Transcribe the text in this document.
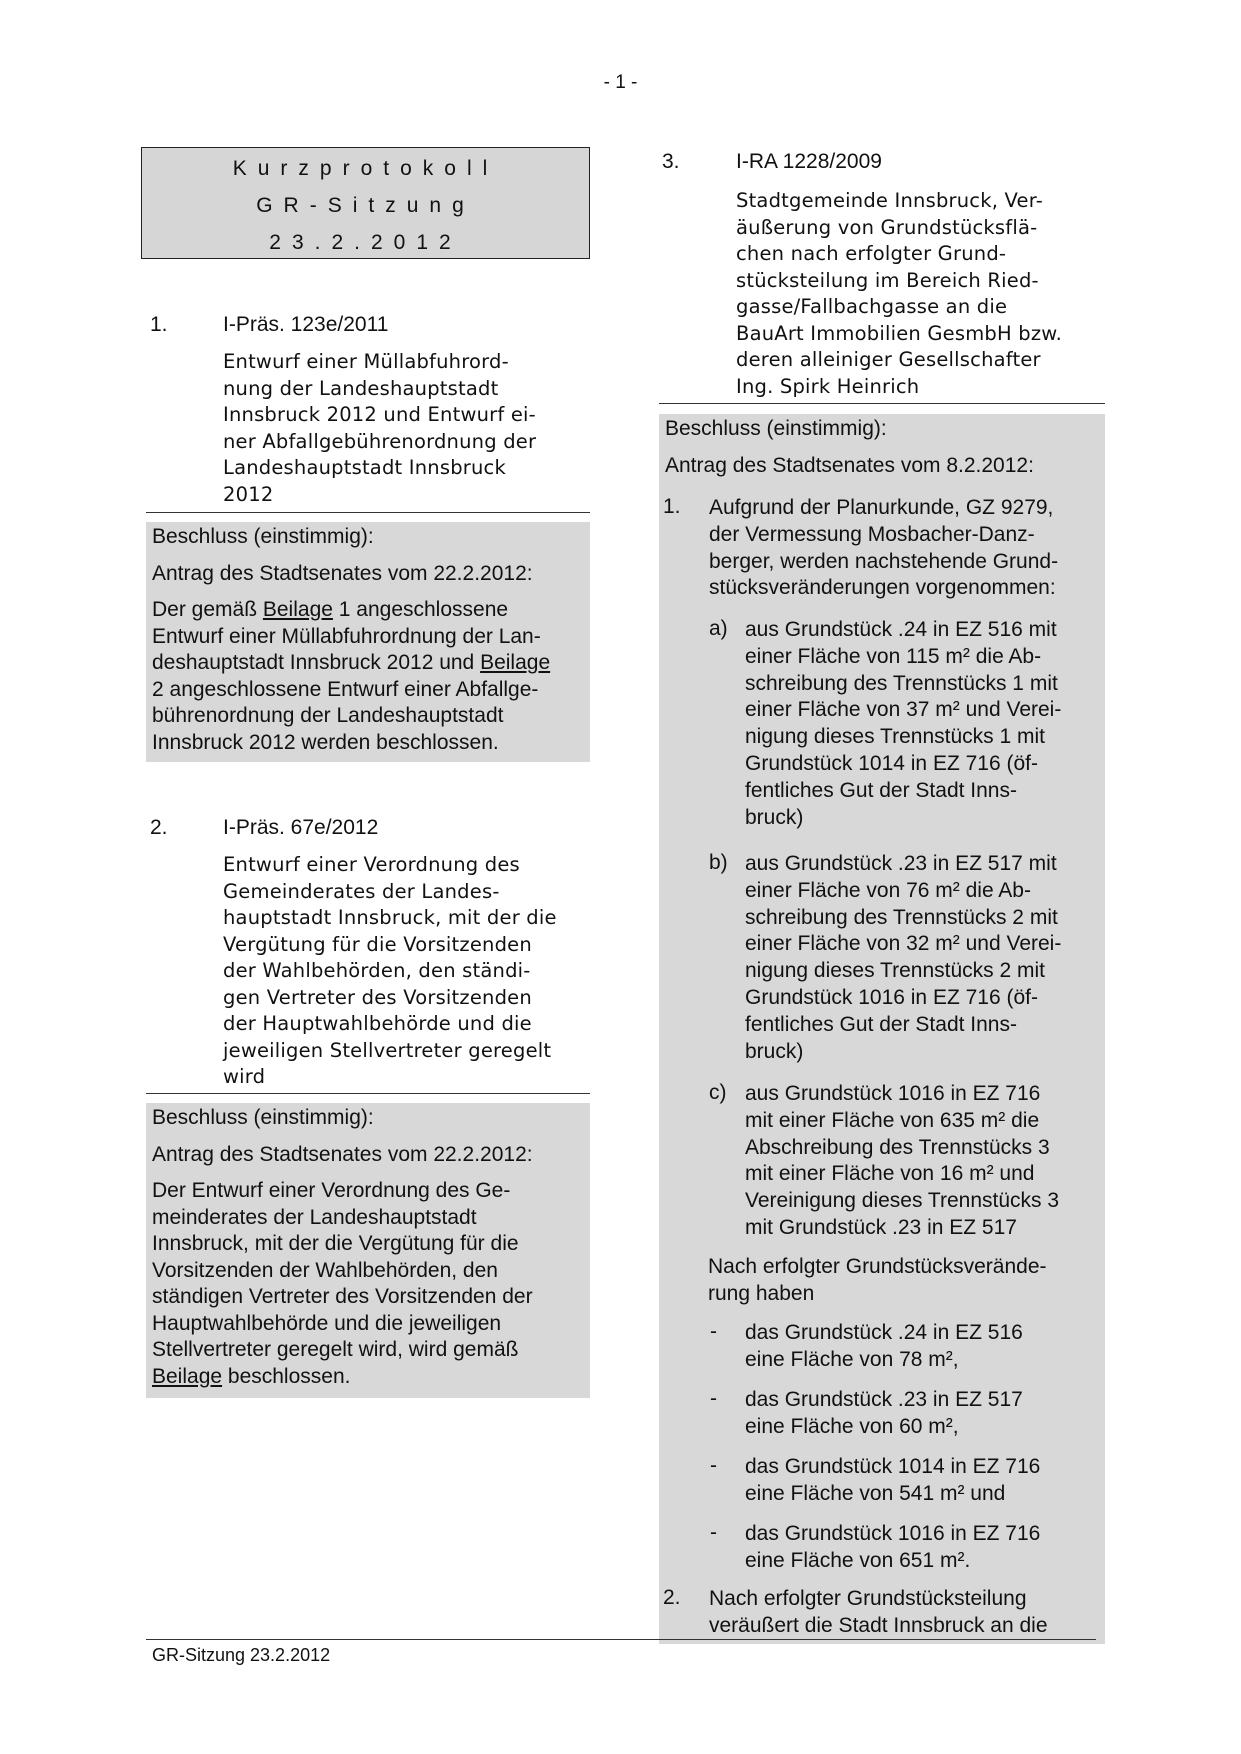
- 1 -
Kurzprotokoll
GR-Sitzung
23.2.2012
1.	I-Präs. 123e/2011
Entwurf einer Müllabfuhrord-
nung der Landeshauptstadt
Innsbruck 2012 und Entwurf ei-
ner Abfallgebührenordnung der
Landeshauptstadt Innsbruck
2012

Beschluss (einstimmig):

Antrag des Stadtsenates vom 22.2.2012:

Der gemäß Beilage 1 angeschlossene
Entwurf einer Müllabfuhrordnung der Lan-
deshauptstadt Innsbruck 2012 und Beilage
2 angeschlossene Entwurf einer Abfallge-
bührenordnung der Landeshauptstadt
Innsbruck 2012 werden beschlossen.

2.	I-Präs. 67e/2012
Entwurf einer Verordnung des
Gemeinderates der Landes-
hauptstadt Innsbruck, mit der die
Vergütung für die Vorsitzenden
der Wahlbehörden, den ständi-
gen Vertreter des Vorsitzenden
der Hauptwahlbehörde und die
jeweiligen Stellvertreter geregelt
wird

Beschluss (einstimmig):

Antrag des Stadtsenates vom 22.2.2012:

Der Entwurf einer Verordnung des Ge-
meinderates der Landeshauptstadt
Innsbruck, mit der die Vergütung für die
Vorsitzenden der Wahlbehörden, den
ständigen Vertreter des Vorsitzenden der
Hauptwahlbehörde und die jeweiligen
Stellvertreter geregelt wird, wird gemäß
Beilage beschlossen.

3.	I-RA 1228/2009
Stadtgemeinde Innsbruck, Ver-
äußerung von Grundstücksflä-
chen nach erfolgter Grund-
stücksteilung im Bereich Ried-
gasse/Fallbachgasse an die
BauArt Immobilien GesmbH bzw.
deren alleiniger Gesellschafter
Ing. Spirk Heinrich

Beschluss (einstimmig):

Antrag des Stadtsenates vom 8.2.2012:

1. Aufgrund der Planurkunde, GZ 9279,
der Vermessung Mosbacher-Danz-
berger, werden nachstehende Grund-
stücksveränderungen vorgenommen:
a) aus Grundstück .24 in EZ 516 mit
einer Fläche von 115 m² die Ab-
schreibung des Trennstücks 1 mit
einer Fläche von 37 m² und Verei-
nigung dieses Trennstücks 1 mit
Grundstück 1014 in EZ 716 (öf-
fentliches Gut der Stadt Inns-
bruck)
b) aus Grundstück .23 in EZ 517 mit
einer Fläche von 76 m² die Ab-
schreibung des Trennstücks 2 mit
einer Fläche von 32 m² und Verei-
nigung dieses Trennstücks 2 mit
Grundstück 1016 in EZ 716 (öf-
fentliches Gut der Stadt Inns-
bruck)
c) aus Grundstück 1016 in EZ 716
mit einer Fläche von 635 m² die
Abschreibung des Trennstücks 3
mit einer Fläche von 16 m² und
Vereinigung dieses Trennstücks 3
mit Grundstück .23 in EZ 517
Nach erfolgter Grundstücksverände-
rung haben
- das Grundstück .24 in EZ 516
eine Fläche von 78 m²,
- das Grundstück .23 in EZ 517
eine Fläche von 60 m²,
- das Grundstück 1014 in EZ 716
eine Fläche von 541 m² und
- das Grundstück 1016 in EZ 716
eine Fläche von 651 m².
2. Nach erfolgter Grundstücksteilung
veräußert die Stadt Innsbruck an die
GR-Sitzung 23.2.2012
